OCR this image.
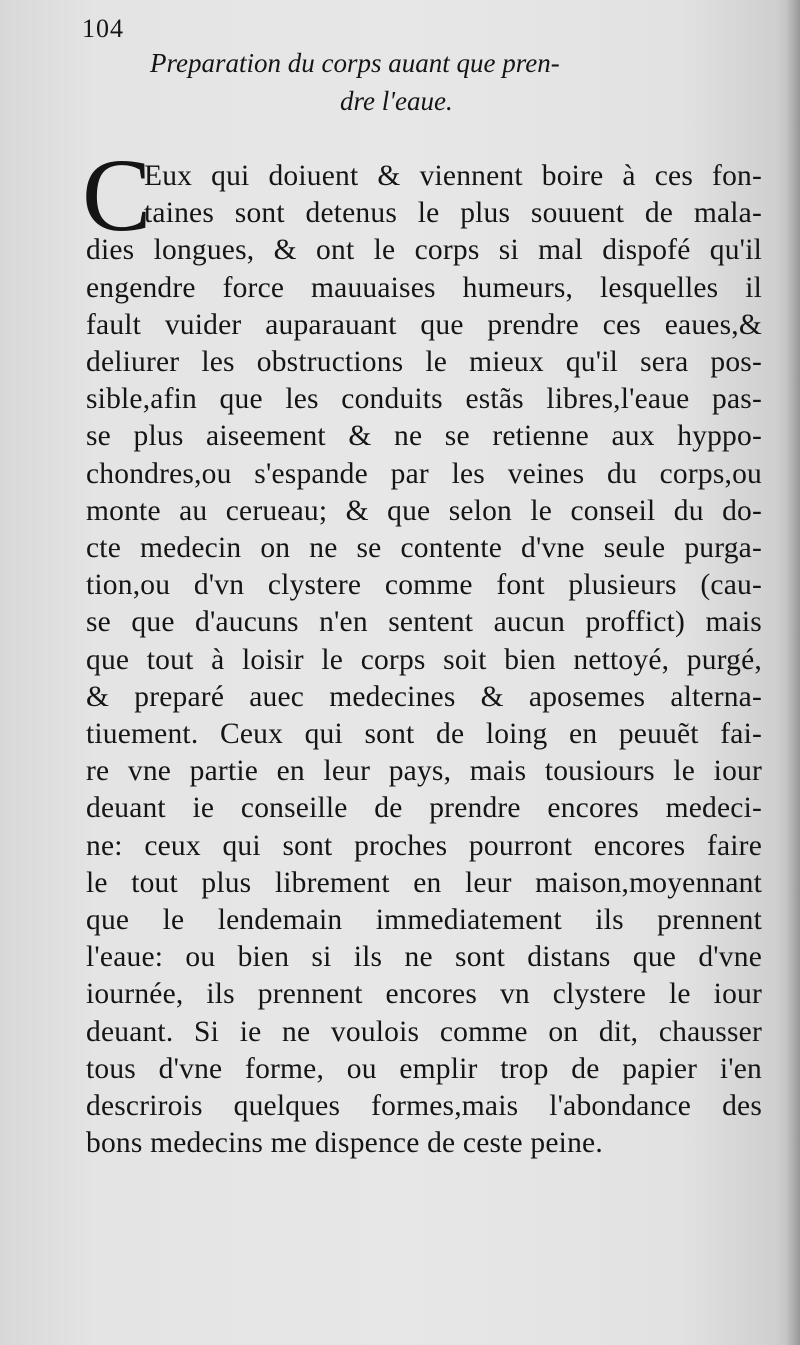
104
Preparation du corps auant que pren-
dre l'eaue.
C
Eux qui doiuent & viennent boire à ces fon-
taines sont detenus le plus souuent de mala-
dies longues, & ont le corps si mal dispofé qu'il
engendre force mauuaises humeurs, lesquelles il
fault vuider auparauant que prendre ces eaues,&
deliurer les obstructions le mieux qu'il sera pos-
sible,afin que les conduits estãs libres,l'eaue pas-
se plus aiseement & ne se retienne aux hyppo-
chondres,ou s'espande par les veines du corps,ou
monte au cerueau; & que selon le conseil du do-
cte medecin on ne se contente d'vne seule purga-
tion,ou d'vn clystere comme font plusieurs (cau-
se que d'aucuns n'en sentent aucun proffict) mais
que tout à loisir le corps soit bien nettoyé, purgé,
& preparé auec medecines & aposemes alterna-
tiuement. Ceux qui sont de loing en peuuẽt fai-
re vne partie en leur pays, mais tousiours le iour
deuant ie conseille de prendre encores medeci-
ne: ceux qui sont proches pourront encores faire
le tout plus librement en leur maison,moyennant
que le lendemain immediatement ils prennent
l'eaue: ou bien si ils ne sont distans que d'vne
iournée, ils prennent encores vn clystere le iour
deuant. Si ie ne voulois comme on dit, chausser
tous d'vne forme, ou emplir trop de papier i'en
descrirois quelques formes,mais l'abondance des
bons medecins me dispence de ceste peine.
